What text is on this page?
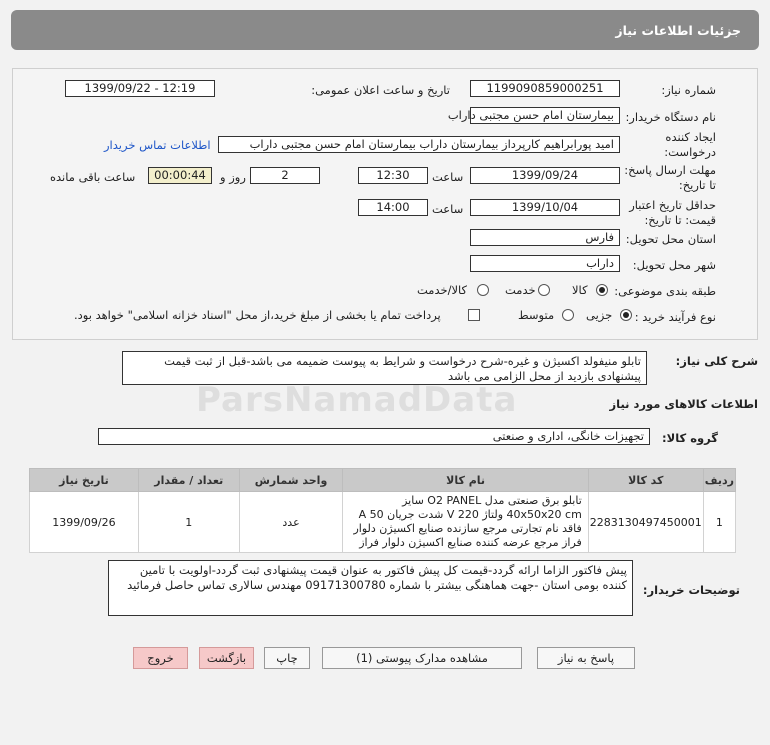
جزئیات اطلاعات نیاز
شماره نیاز:
1199090859000251
تاریخ و ساعت اعلان عمومی:
1399/09/22 - 12:19
نام دستگاه خریدار:
بیمارستان امام حسن مجتبی داراب
ایجاد کننده
درخواست:
امید پورابراهیم کارپرداز بیمارستان داراب بیمارستان امام حسن مجتبی داراب
اطلاعات تماس خریدار
مهلت ارسال پاسخ:
تا تاریخ:
1399/09/24
ساعت
12:30
2
روز و
00:00:44
ساعت باقی مانده
حداقل تاریخ اعتبار
قیمت: تا تاریخ:
1399/10/04
ساعت
14:00
استان محل تحویل:
فارس
شهر محل تحویل:
داراب
طبقه بندی موضوعی:
کالا
خدمت
کالا/خدمت
نوع فرآیند خرید :
جزیی
متوسط
پرداخت تمام یا بخشی از مبلغ خرید،از محل "اسناد خزانه اسلامی" خواهد بود.
شرح کلی نیاز:
تابلو منیفولد اکسیژن و غیره-شرح درخواست و شرایط به پیوست ضمیمه می باشد-قبل از ثبت قیمت پیشنهادی بازدید از محل الزامی می باشد
اطلاعات کالاهای مورد نیاز
گروه کالا:
تجهیزات خانگی، اداری و صنعتی
ردیف	کد کالا	نام کالا	واحد شمارش	تعداد / مقدار	تاریخ نیاز
1	2283130497450001	تابلو برق صنعتی مدل O2 PANEL سایز 40x50x20 cm ولتاژ 220 V شدت جریان 50 A فاقد نام تجارتی مرجع سازنده صنایع اکسیژن دلوار فراز مرجع عرضه کننده صنایع اکسیژن دلوار فراز	عدد	1	1399/09/26
توضیحات خریدار:
پیش فاکتور الزاما ارائه گردد-قیمت کل پیش فاکتور به عنوان قیمت پیشنهادی ثبت گردد-اولویت با تامین کننده بومی استان -جهت هماهنگی بیشتر با شماره 09171300780 مهندس سالاری تماس حاصل فرمائید
پاسخ به نیاز
مشاهده مدارک پیوستی (1)
چاپ
بازگشت
خروج
ParsNamadData
